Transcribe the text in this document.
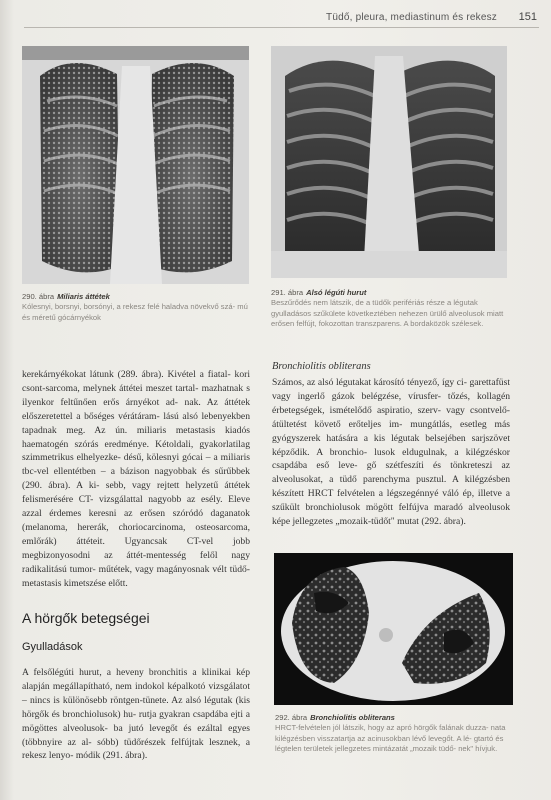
Tüdő, pleura, mediastinum és rekesz 151
290. ábra Miliaris áttétek
Kólesnyi, borsnyi, borsónyi, a rekesz felé haladva növekvő szá- mú és méretű gócárnyékok
291. ábra Alsó légúti hurut
Beszűrődés nem látszik, de a tüdők perifériás része a légutak gyulladásos szűkülete következtében nehezen ürülő alveolusok miatt erősen felfújt, fokozottan transzparens. A bordaközök szélesek.

kerekárnyékokat látunk (289. ábra). Kivétel a fiatal- kori csont-sarcoma, melynek áttétei meszet tartal- mazhatnak s ilyenkor feltűnően erős árnyékot ad- nak. Az áttétek előszeretettel a bőséges vérátáram- lású alsó lebenyekben tapadnak meg. Az ún. miliaris metastasis kiadós haematogén szórás eredménye. Kétoldali, gyakorlatilag szimmetrikus elhelyezke- désű, kölesnyi gócai – a miliaris tbc-vel ellentétben – a bázison nagyobbak és sűrűbbek (290. ábra). A ki- sebb, vagy rejtett helyzetű áttétek felismerésére CT- vizsgálattal nagyobb az esély. Eleve azzal érdemes keresni az erősen szóródó daganatok (melanoma, hererák, choriocarcinoma, osteosarcoma, emlőrák) áttéteit. Ugyancsak CT-vel jobb megbizonyosodni az áttét-mentesség felől nagy radikalitású tumor- műtétek, vagy magányosnak vélt tüdő-metastasis kimetszése előtt.

A hörgők betegségei
Gyulladások

A felsőlégúti hurut, a heveny bronchitis a klinikai kép alapján megállapítható, nem indokol képalkotó vizsgálatot – nincs is különösebb röntgen-tünete. Az alsó légutak (kis hörgők és bronchiolusok) hu- rutja gyakran csapdába ejti a mögöttes alveolusok- ba jutó levegőt és ezáltal egyes (többnyire az al- sóbb) tüdőrészek felfújtak lesznek, a rekesz lenyo- módik (291. ábra).

Bronchiolitis obliterans

Számos, az alsó légutakat károsító tényező, így ci- garettafüst vagy ingerlő gázok belégzése, vírusfer- tőzés, kollagén érbetegségek, ismételődő aspiratio, szerv- vagy csontvelő-átültetést követő erőteljes im- mungátlás, esetleg más gyógyszerek hatására a kis légutak belsejében sarjszövet képződik. A bronchio- lusok eldugulnak, a kilégzéskor csapdába eső leve- gő szétfeszíti és tönkreteszi az alveolusokat, a tüdő parenchyma pusztul. A kilégzésben készített HRCT felvételen a légszegénnyé váló ép, illetve a szűkült bronchiolusok mögött felfújva maradó alveolusok képe jellegzetes „mozaik-tüdőt" mutat (292. ábra).

292. ábra Bronchiolitis obliterans
HRCT-felvételen jól látszik, hogy az apró hörgők falának duzza- nata kilégzésben visszatartja az acinusokban lévő levegőt. A lé- gtartó és légtelen területek jellegzetes mintázatát „mozaik tüdő- nek" hívjuk.
